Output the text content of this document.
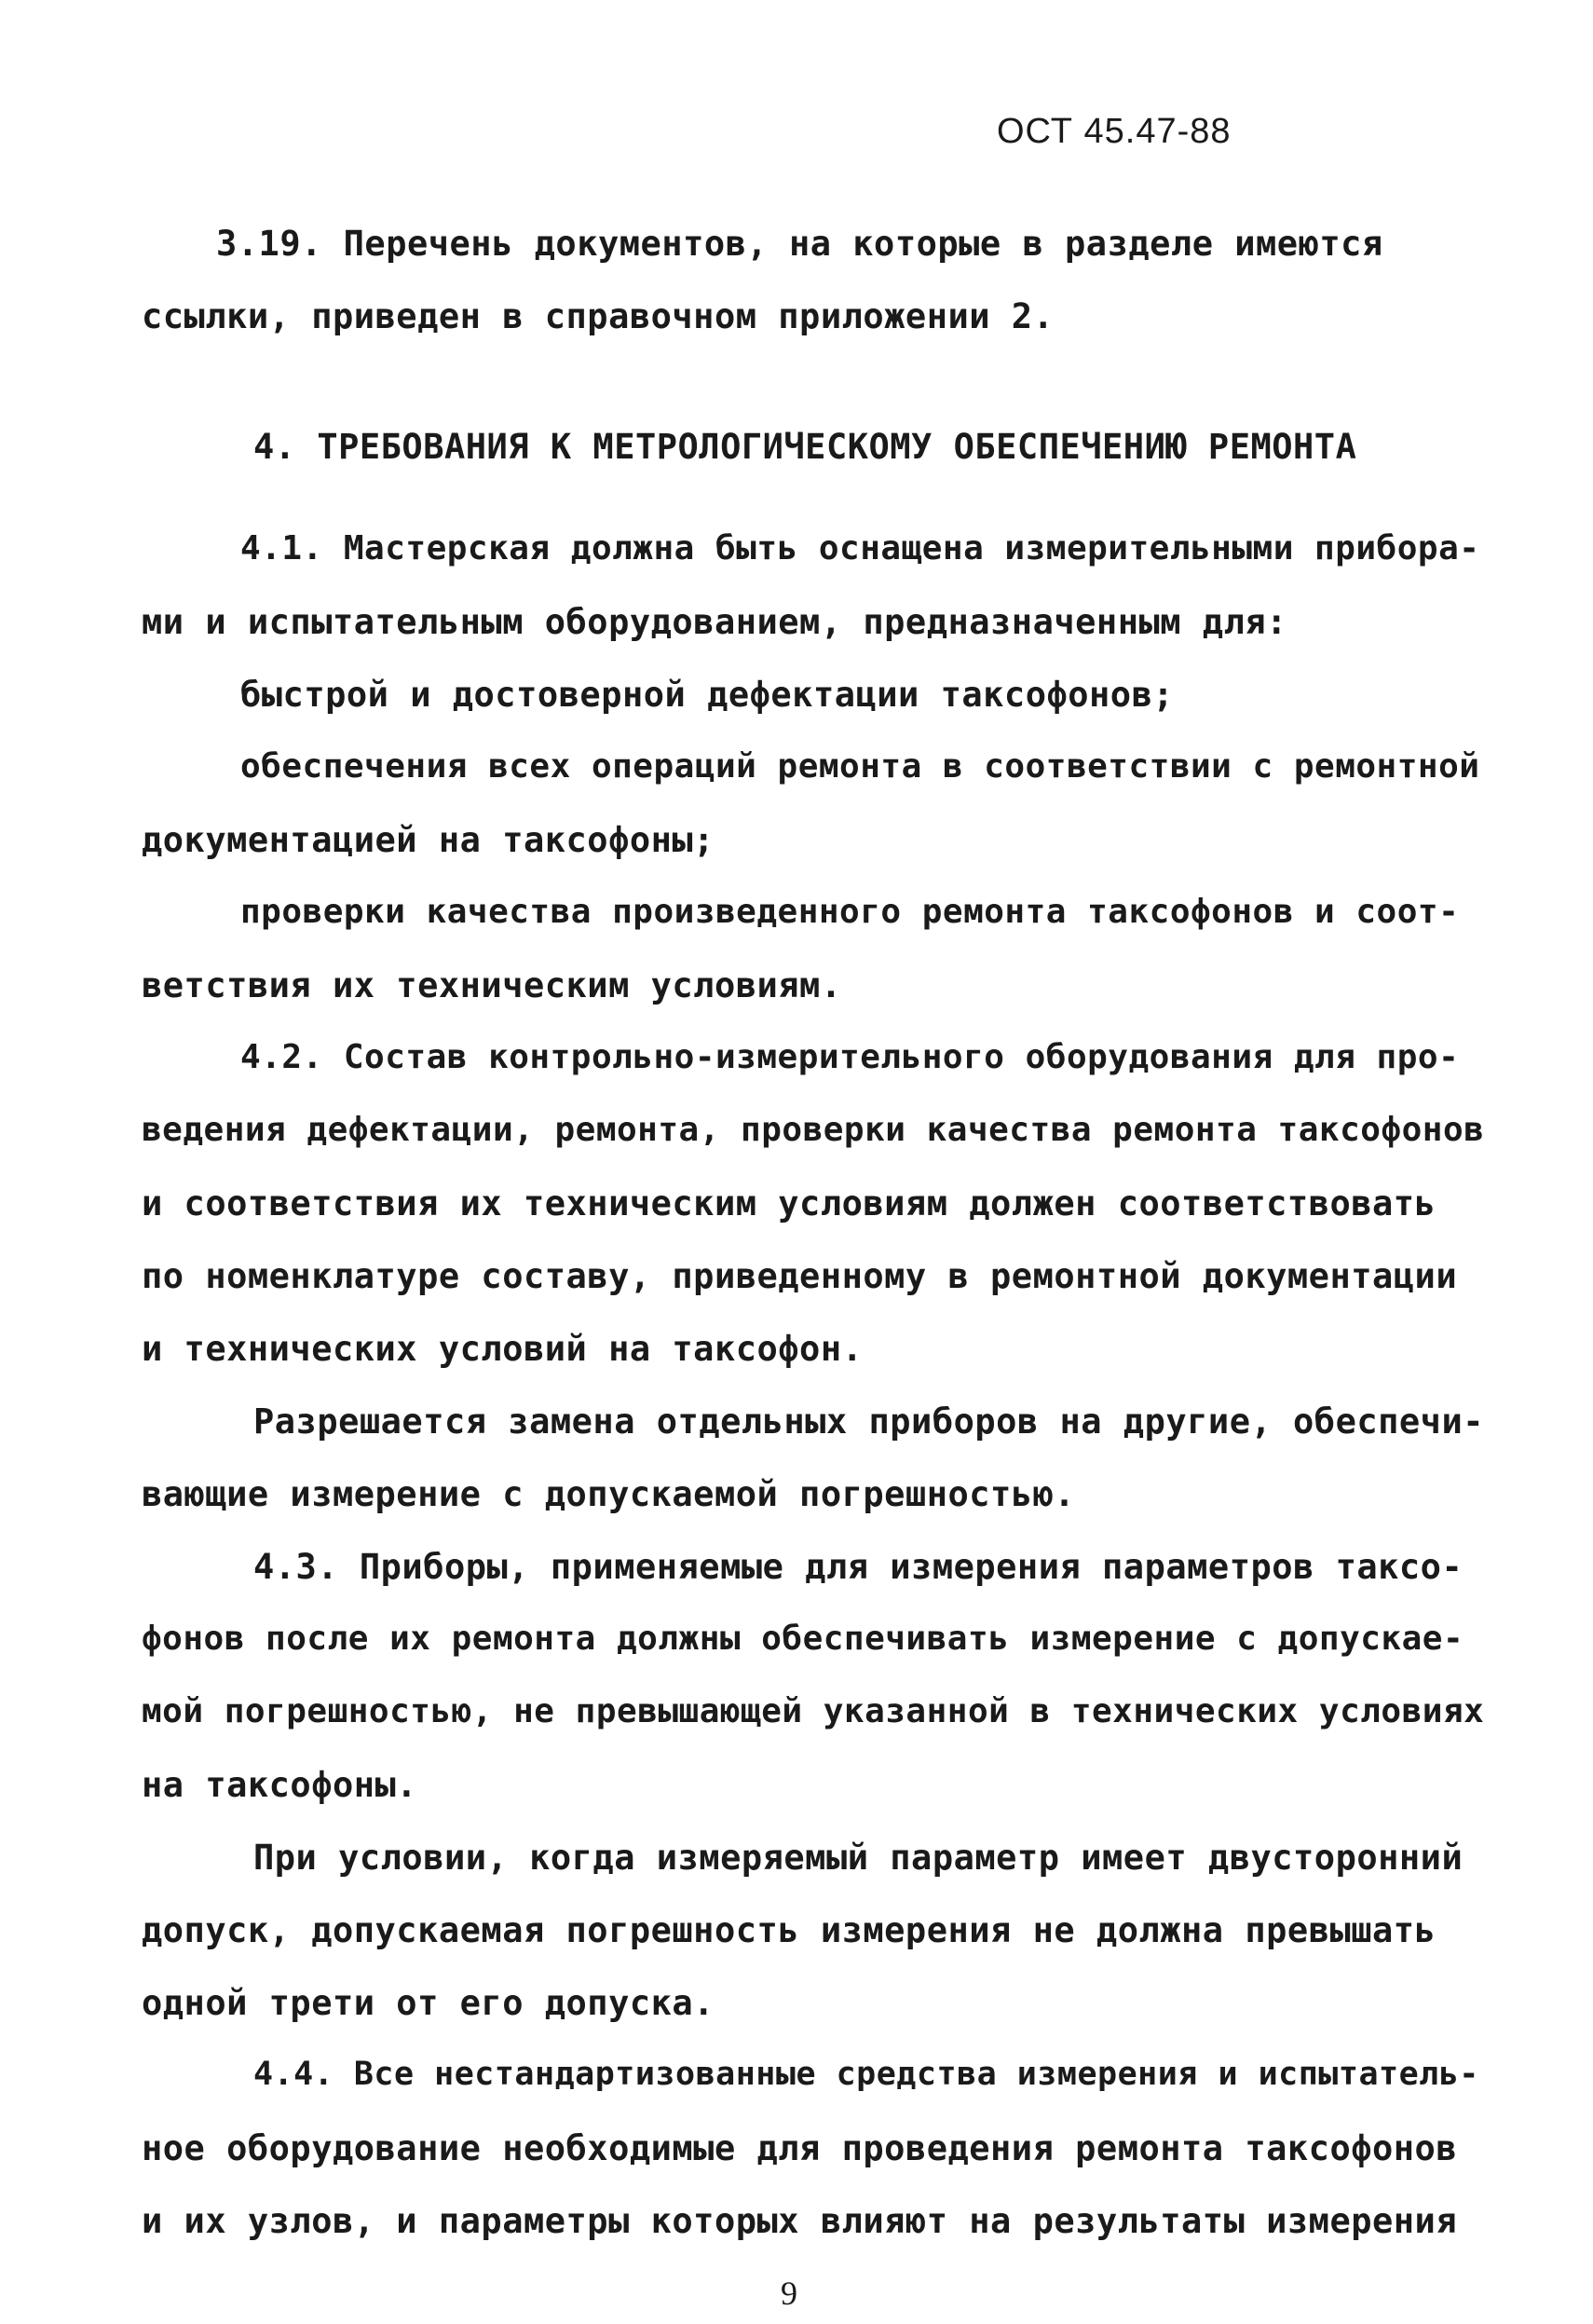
ОСТ 45.47-88
3.19. Перечень документов, на которые в разделе имеются
ссылки, приведен в справочном приложении 2.
4. ТРЕБОВАНИЯ К МЕТРОЛОГИЧЕСКОМУ ОБЕСПЕЧЕНИЮ РЕМОНТА
4.1. Мастерская должна быть оснащена измерительными прибора-
ми и испытательным оборудованием, предназначенным для:
быстрой и достоверной дефектации таксофонов;
обеспечения всех операций ремонта в соответствии с ремонтной
документацией на таксофоны;
проверки качества произведенного ремонта таксофонов и соот-
ветствия их техническим условиям.
4.2. Состав контрольно-измерительного оборудования для про-
ведения дефектации, ремонта, проверки качества ремонта таксофонов
и соответствия их техническим условиям должен соответствовать
по номенклатуре составу, приведенному в ремонтной документации
и технических условий на таксофон.
Разрешается замена отдельных приборов на другие, обеспечи-
вающие измерение с допускаемой погрешностью.
4.3. Приборы, применяемые для измерения параметров таксо-
фонов после их ремонта должны обеспечивать измерение с допускае-
мой погрешностью, не превышающей указанной в технических условиях
на таксофоны.
При условии, когда измеряемый параметр имеет двусторонний
допуск, допускаемая погрешность измерения не должна превышать
одной трети от его допуска.
4.4. Все нестандартизованные средства измерения и испытатель-
ное оборудование необходимые для проведения ремонта таксофонов
и их узлов, и параметры которых влияют на результаты измерения
9
